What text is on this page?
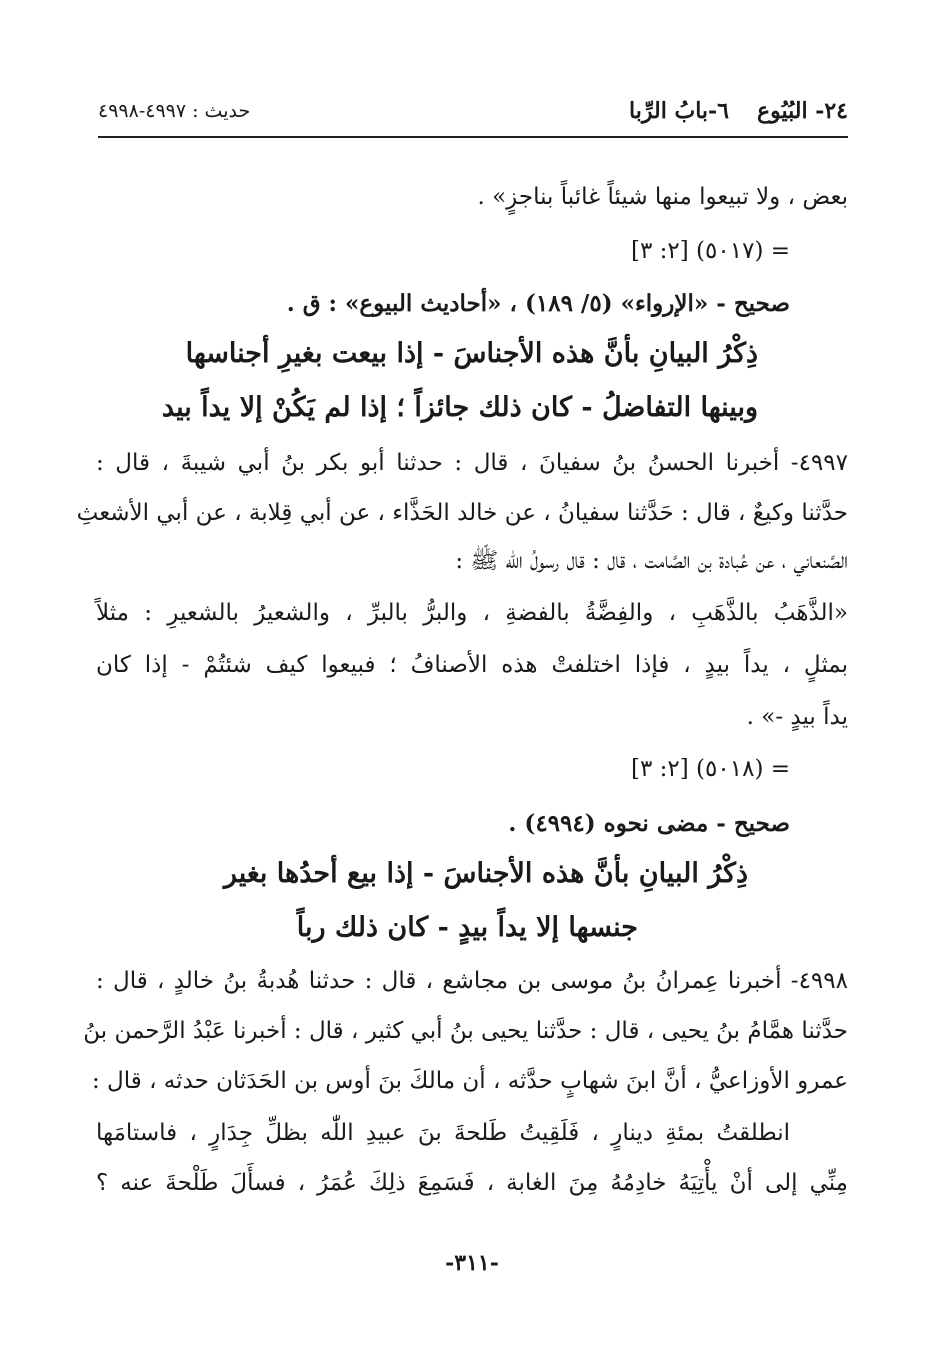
٢٤- البُيُوع٦-بابُ الرِّبا
حديث : ٤٩٩٧-٤٩٩٨
بعض ، ولا تبيعوا منها شيئاً غائباً بناجزٍ» .
= (٥٠١٧) [٢: ٣]
صحيح - «الإرواء» (٥/ ١٨٩) ، «أحاديث البيوع» : ق .
ذِكْرُ البيانِ بأنَّ هذه الأجناسَ - إذا بيعت بغيرِ أجناسها
وبينها التفاضلُ - كان ذلك جائزاً ؛ إذا لم يَكُنْ إلا يداً بيد
٤٩٩٧- أخبرنا الحسنُ بنُ سفيانَ ، قال : حدثنا أبو بكر بنُ أبي شيبةَ ، قال :
حدَّثنا وكيعٌ ، قال : حَدَّثنا سفيانُ ، عن خالد الحَذَّاء ، عن أبي قِلابة ، عن أبي الأشعثِ
الصَّنعاني ، عن عُبادة بن الصَّامت ، قال : قال رسولُ اللّٰه ﷺ :
«الذَّهَبُ بالذَّهَبِ ، والفِضَّةُ بالفضةِ ، والبرُّ بالبرِّ ، والشعيرُ بالشعيرِ : مثلاً
بمثلٍ ، يداً بيدٍ ، فإذا اختلفتْ هذه الأصنافُ ؛ فبيعوا كيف شئتُمْ - إذا كان
يداً بيدٍ -» .
= (٥٠١٨) [٢: ٣]
صحيح - مضى نحوه (٤٩٩٤) .
ذِكْرُ البيانِ بأنَّ هذه الأجناسَ - إذا بيع أحدُها بغير
جنسها إلا يداً بيدٍ - كان ذلك رباً
٤٩٩٨- أخبرنا عِمرانُ بنُ موسى بن مجاشع ، قال : حدثنا هُدبةُ بنُ خالدٍ ، قال :
حدَّثنا همَّامُ بنُ يحيى ، قال : حدَّثنا يحيى بنُ أبي كثير ، قال : أخبرنا عَبْدُ الرَّحمن بنُ
عمرو الأوزاعيُّ ، أنَّ ابنَ شهابٍ حدَّثه ، أن مالكَ بنَ أوس بن الحَدَثان حدثه ، قال :
انطلقتُ بمئةِ دينارٍ ، فَلَقِيتُ طَلحةَ بنَ عبيدِ اللّٰه بظلِّ جِدَارٍ ، فاستامَها
مِنِّي إلى أنْ يأْتِيَهُ خادِمُهُ مِنَ الغابة ، فَسَمِعَ ذلِكَ عُمَرُ ، فسأَلَ طَلْحةَ عنه ؟
-٣١١-
